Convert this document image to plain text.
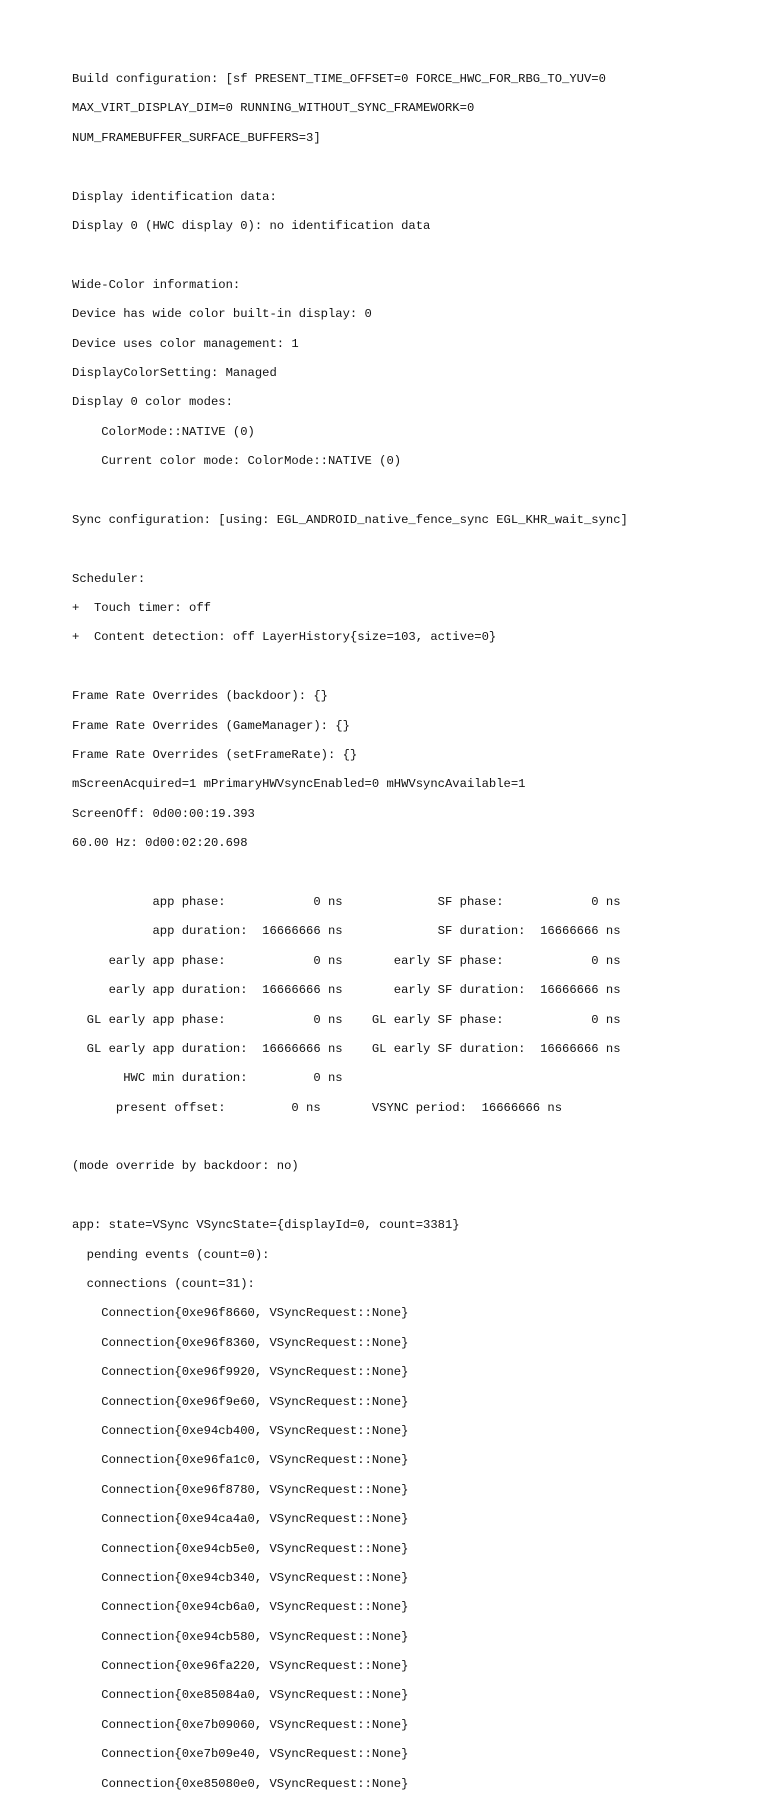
Build configuration: [sf PRESENT_TIME_OFFSET=0 FORCE_HWC_FOR_RBG_TO_YUV=0

MAX_VIRT_DISPLAY_DIM=0 RUNNING_WITHOUT_SYNC_FRAMEWORK=0

NUM_FRAMEBUFFER_SURFACE_BUFFERS=3]

Display identification data:

Display 0 (HWC display 0): no identification data

Wide-Color information:

Device has wide color built-in display: 0

Device uses color management: 1

DisplayColorSetting: Managed

Display 0 color modes:

ColorMode::NATIVE (0)

Current color mode: ColorMode::NATIVE (0)

Sync configuration: [using: EGL_ANDROID_native_fence_sync EGL_KHR_wait_sync]

Scheduler:

+  Touch timer: off

+  Content detection: off LayerHistory{size=103, active=0}

Frame Rate Overrides (backdoor): {}

Frame Rate Overrides (GameManager): {}

Frame Rate Overrides (setFrameRate): {}

mScreenAcquired=1 mPrimaryHWVsyncEnabled=0 mHWVsyncAvailable=1

ScreenOff: 0d00:00:19.393

60.00 Hz: 0d00:02:20.698

app phase:            0 ns             SF phase:            0 ns

app duration:  16666666 ns             SF duration:  16666666 ns

early app phase:            0 ns       early SF phase:            0 ns

early app duration:  16666666 ns       early SF duration:  16666666 ns

GL early app phase:            0 ns    GL early SF phase:            0 ns

GL early app duration:  16666666 ns    GL early SF duration:  16666666 ns

HWC min duration:         0 ns

present offset:         0 ns       VSYNC period:  16666666 ns

(mode override by backdoor: no)

app: state=VSync VSyncState={displayId=0, count=3381}

pending events (count=0):

connections (count=31):

Connection{0xe96f8660, VSyncRequest::None}

Connection{0xe96f8360, VSyncRequest::None}

Connection{0xe96f9920, VSyncRequest::None}

Connection{0xe96f9e60, VSyncRequest::None}

Connection{0xe94cb400, VSyncRequest::None}

Connection{0xe96fa1c0, VSyncRequest::None}

Connection{0xe96f8780, VSyncRequest::None}

Connection{0xe94ca4a0, VSyncRequest::None}

Connection{0xe94cb5e0, VSyncRequest::None}

Connection{0xe94cb340, VSyncRequest::None}

Connection{0xe94cb6a0, VSyncRequest::None}

Connection{0xe94cb580, VSyncRequest::None}

Connection{0xe96fa220, VSyncRequest::None}

Connection{0xe85084a0, VSyncRequest::None}

Connection{0xe7b09060, VSyncRequest::None}

Connection{0xe7b09e40, VSyncRequest::None}

Connection{0xe85080e0, VSyncRequest::None}
